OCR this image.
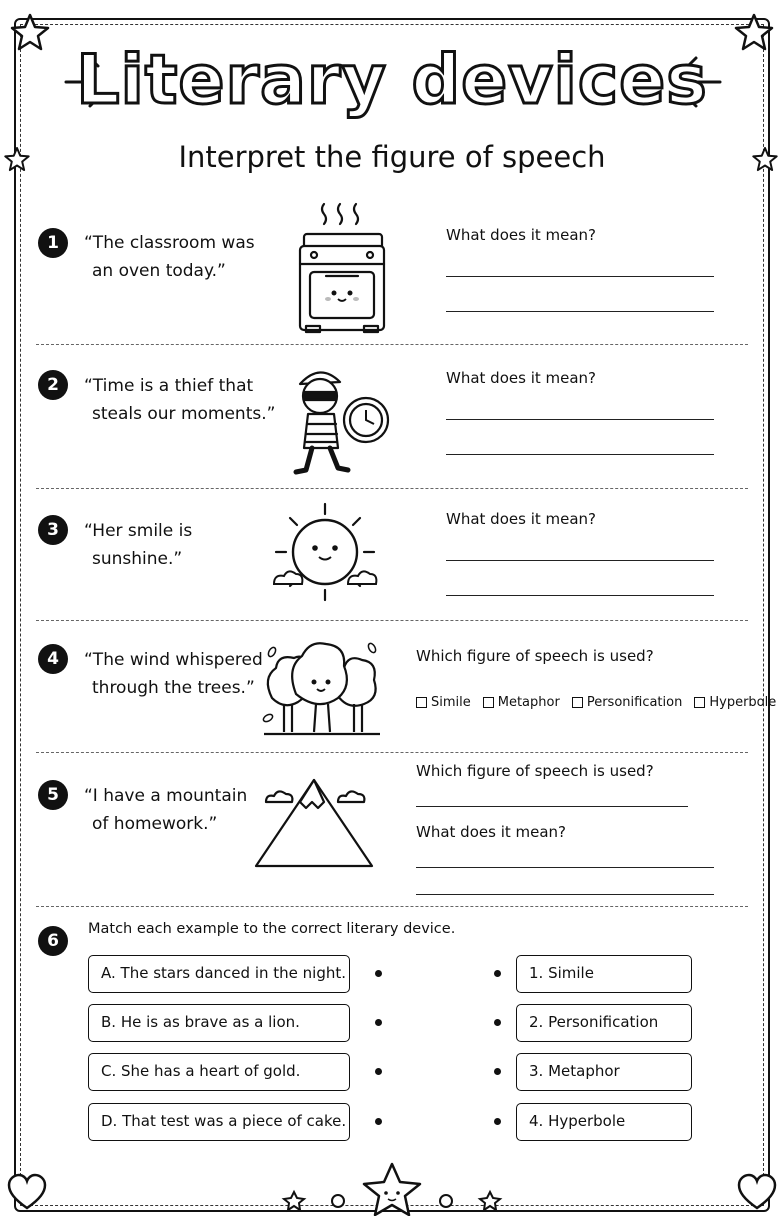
Literary devices
Interpret the figure of speech
1	“The classroom was
an oven today.”
What does it mean?
2	“Time is a thief that
steals our moments.”
What does it mean?
3	“Her smile is
sunshine.”
What does it mean?
4	“The wind whispered
through the trees.”
Which figure of speech is used?
Simile Metaphor Personification Hyperbole
5	“I have a mountain
of homework.”
Which figure of speech is used?
What does it mean?
6
Match each example to the correct literary device.
A. The stars danced in the night.
B. He is as brave as a lion.
C. She has a heart of gold.
D. That test was a piece of cake.
1. Simile
2. Personification
3. Metaphor
4. Hyperbole
